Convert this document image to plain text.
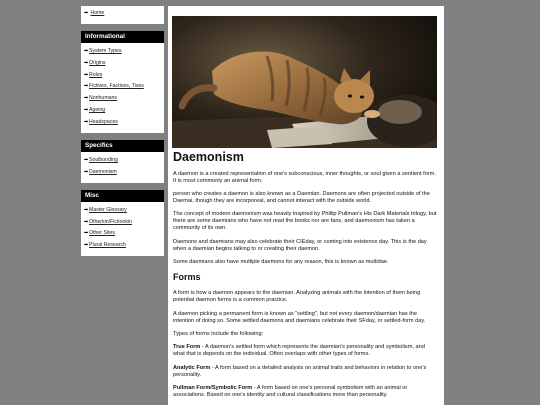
➡ Home
Informational
➡System Types
➡Origins
➡Roles
➡Fictives, Factives, Tives
➡Nonhumans
➡Ageing
➡Headspaces
Specifics
➡Soulbonding
➡Daemonism
Misc
➡Master Glossary
➡Otherkin/Fictionkin
➡Other Sites
➡Plural Research
Daemonism

A daemon is a created representation of one's subconscious, inner thoughts, or soul given a sentient form. It is most commonly an animal form.

person who creates a daemon is also known as a Daemian. Daemons are often projected outside of the Daemai, though they are incorporeal, and cannot interact with the outside world.

The concept of modern daemonism was heavily inspired by Phillip Pullman's His Dark Materials trilogy, but there are some daemians who have not read the books nor are fans, and daemonism has taken a community of its own.

Daemons and daemians may also celebrate their CIEday, or coming into existence day. This is the day when a daemian begins talking to or creating their daemon.

Some daemians also have multiple daemons for any reason, this is known as multidae.

Forms

A form is how a daemon appears to the daemian. Analyzing animals with the intention of them being potential daemon forms is a common practice.

A daemon picking a permanent form is known as "settling", but not every daemon/daemian has the intention of doing so. Some settled daemons and daemians celebrate their SFday, or settled-form day.

Types of forms include the following:

True Form - A daemon's settled form which represents the daemian's personality and symbolism, and what that is depends on the individual. Often overlaps with other types of forms.

Analytic Form - A form based on a detailed analysis on animal traits and behaviors in relation to one's personality.

Pullman Form/Symbolic Form - A form based on one's personal symbolism with an animal or associations. Based on one's identity and cultural classifications more than personality.
